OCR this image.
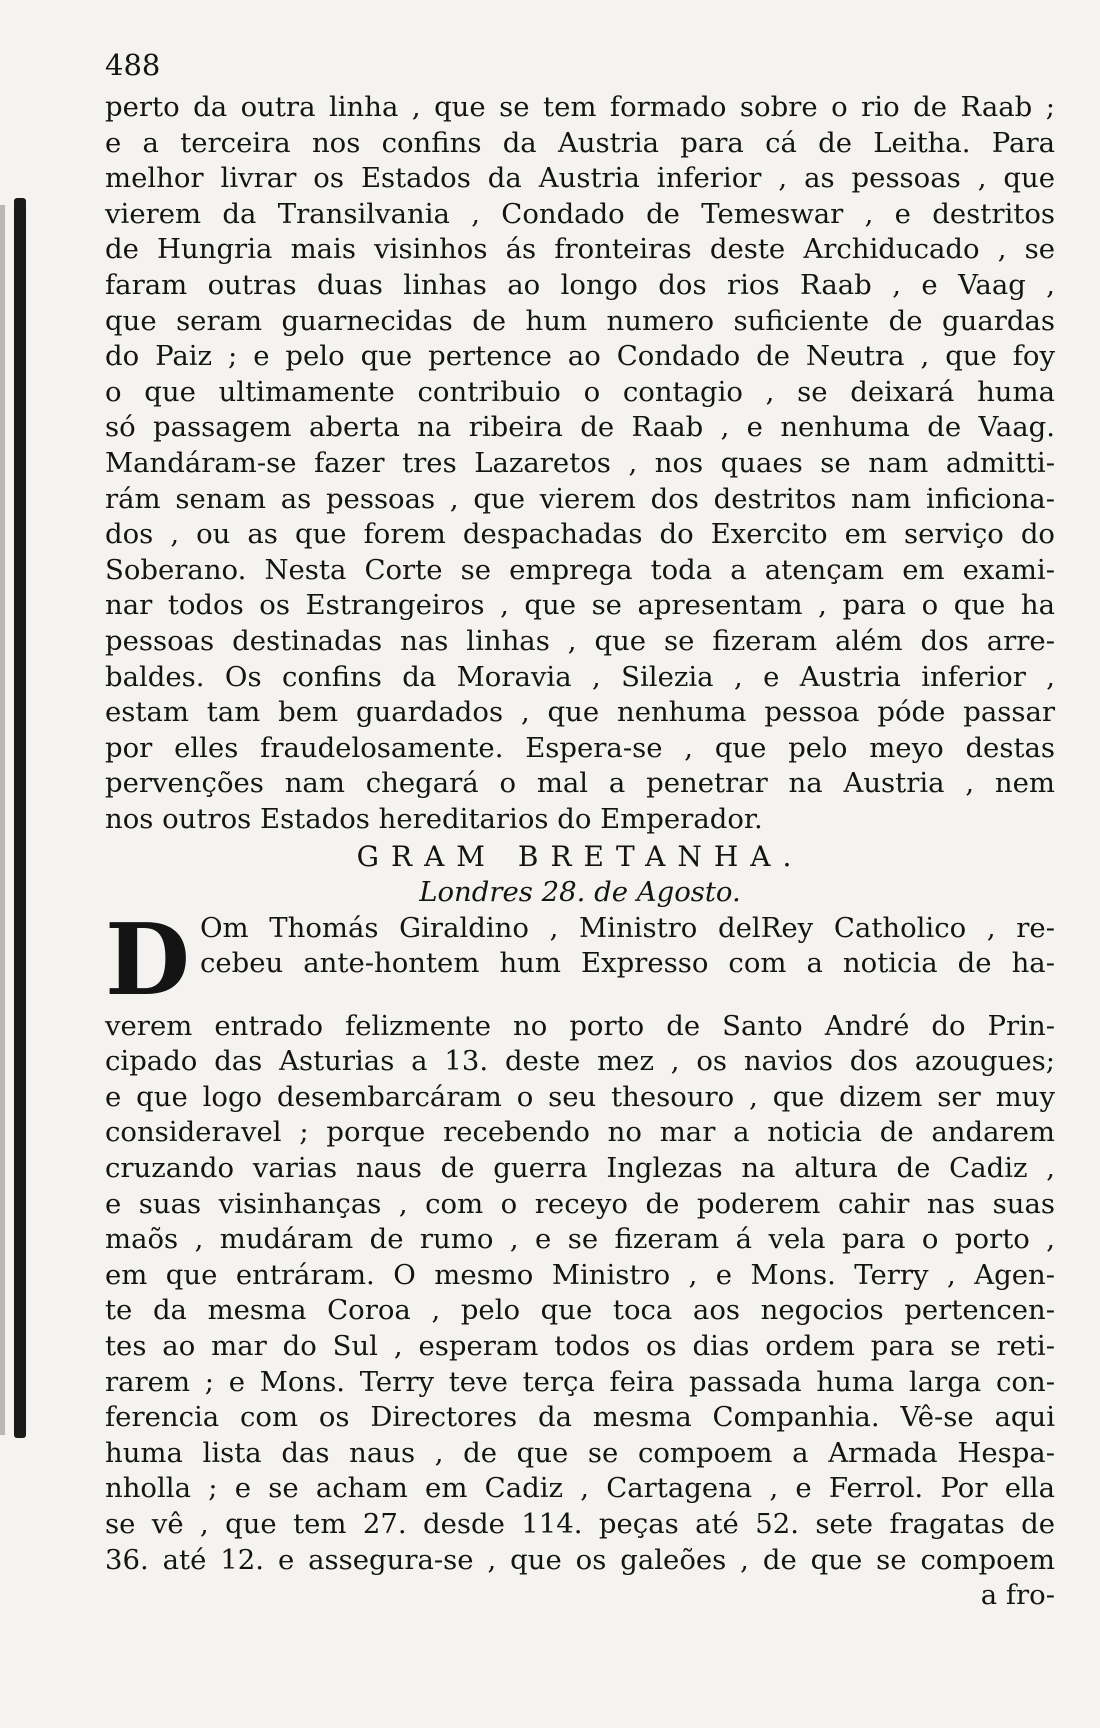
488
perto da outra linha , que se tem formado sobre o rio de Raab ;
e a terceira nos confins da Austria para cá de Leitha. Para
melhor livrar os Estados da Austria inferior , as pessoas , que
vierem da Transilvania , Condado de Temeswar , e destritos
de Hungria mais visinhos ás fronteiras deste Archiducado , se
faram outras duas linhas ao longo dos rios Raab , e Vaag ,
que seram guarnecidas de hum numero suficiente de guardas
do Paiz ; e pelo que pertence ao Condado de Neutra , que foy
o que ultimamente contribuio o contagio , se deixará huma
só passagem aberta na ribeira de Raab , e nenhuma de Vaag.
Mandáram-se fazer tres Lazaretos , nos quaes se nam admitti-
rám senam as pessoas , que vierem dos destritos nam inficiona-
dos , ou as que forem despachadas do Exercito em serviço do
Soberano. Nesta Corte se emprega toda a atençam em exami-
nar todos os Estrangeiros , que se apresentam , para o que ha
pessoas destinadas nas linhas , que se fizeram além dos arre-
baldes. Os confins da Moravia , Silezia , e Austria inferior ,
estam tam bem guardados , que nenhuma pessoa póde passar
por elles fraudelosamente. Espera-se , que pelo meyo destas
pervenções nam chegará o mal a penetrar na Austria , nem
nos outros Estados hereditarios do Emperador.
GRAM BRETANHA.
Londres 28. de Agosto.
D Om Thomás Giraldino , Ministro delRey Catholico , re-
cebeu ante-hontem hum Expresso com a noticia de ha-
verem entrado felizmente no porto de Santo André do Prin-
cipado das Asturias a 13. deste mez , os navios dos azougues;
e que logo desembarcáram o seu thesouro , que dizem ser muy
consideravel ; porque recebendo no mar a noticia de andarem
cruzando varias naus de guerra Inglezas na altura de Cadiz ,
e suas visinhanças , com o receyo de poderem cahir nas suas
maõs , mudáram de rumo , e se fizeram á vela para o porto ,
em que entráram. O mesmo Ministro , e Mons. Terry , Agen-
te da mesma Coroa , pelo que toca aos negocios pertencen-
tes ao mar do Sul , esperam todos os dias ordem para se reti-
rarem ; e Mons. Terry teve terça feira passada huma larga con-
ferencia com os Directores da mesma Companhia. Vê-se aqui
huma lista das naus , de que se compoem a Armada Hespa-
nholla ; e se acham em Cadiz , Cartagena , e Ferrol. Por ella
se vê , que tem 27. desde 114. peças até 52. sete fragatas de
36. até 12. e assegura-se , que os galeões , de que se compoem
a fro-
